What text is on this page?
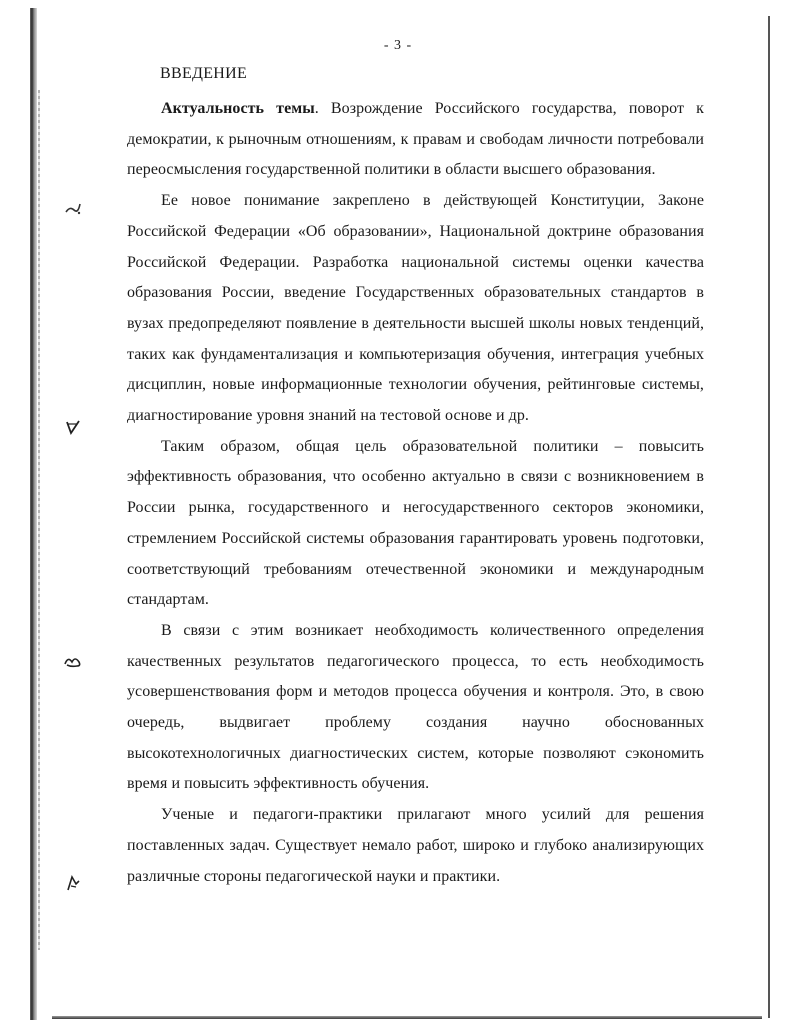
- 3 -
ВВЕДЕНИЕ

Актуальность темы. Возрождение Российского государства, поворот к демократии, к рыночным отношениям, к правам и свободам личности потребовали переосмысления государственной политики в области высшего образования.

Ее новое понимание закреплено в действующей Конституции, Законе Российской Федерации «Об образовании», Национальной доктрине образования Российской Федерации. Разработка национальной системы оценки качества образования России, введение Государственных образовательных стандартов в вузах предопределяют появление в деятельности высшей школы новых тенденций, таких как фундаментализация и компьютеризация обучения, интеграция учебных дисциплин, новые информационные технологии обучения, рейтинговые системы, диагностирование уровня знаний на тестовой основе и др.

Таким образом, общая цель образовательной политики – повысить эффективность образования, что особенно актуально в связи с возникновением в России рынка, государственного и негосударственного секторов экономики, стремлением Российской системы образования гарантировать уровень подготовки, соответствующий требованиям отечественной экономики и международным стандартам.

В связи с этим возникает необходимость количественного определения качественных результатов педагогического процесса, то есть необходимость усовершенствования форм и методов процесса обучения и контроля. Это, в свою очередь, выдвигает проблему создания научно обоснованных высокотехнологичных диагностических систем, которые позволяют сэкономить время и повысить эффективность обучения.

Ученые и педагоги-практики прилагают много усилий для решения поставленных задач. Существует немало работ, широко и глубоко анализирующих различные стороны педагогической науки и практики.
